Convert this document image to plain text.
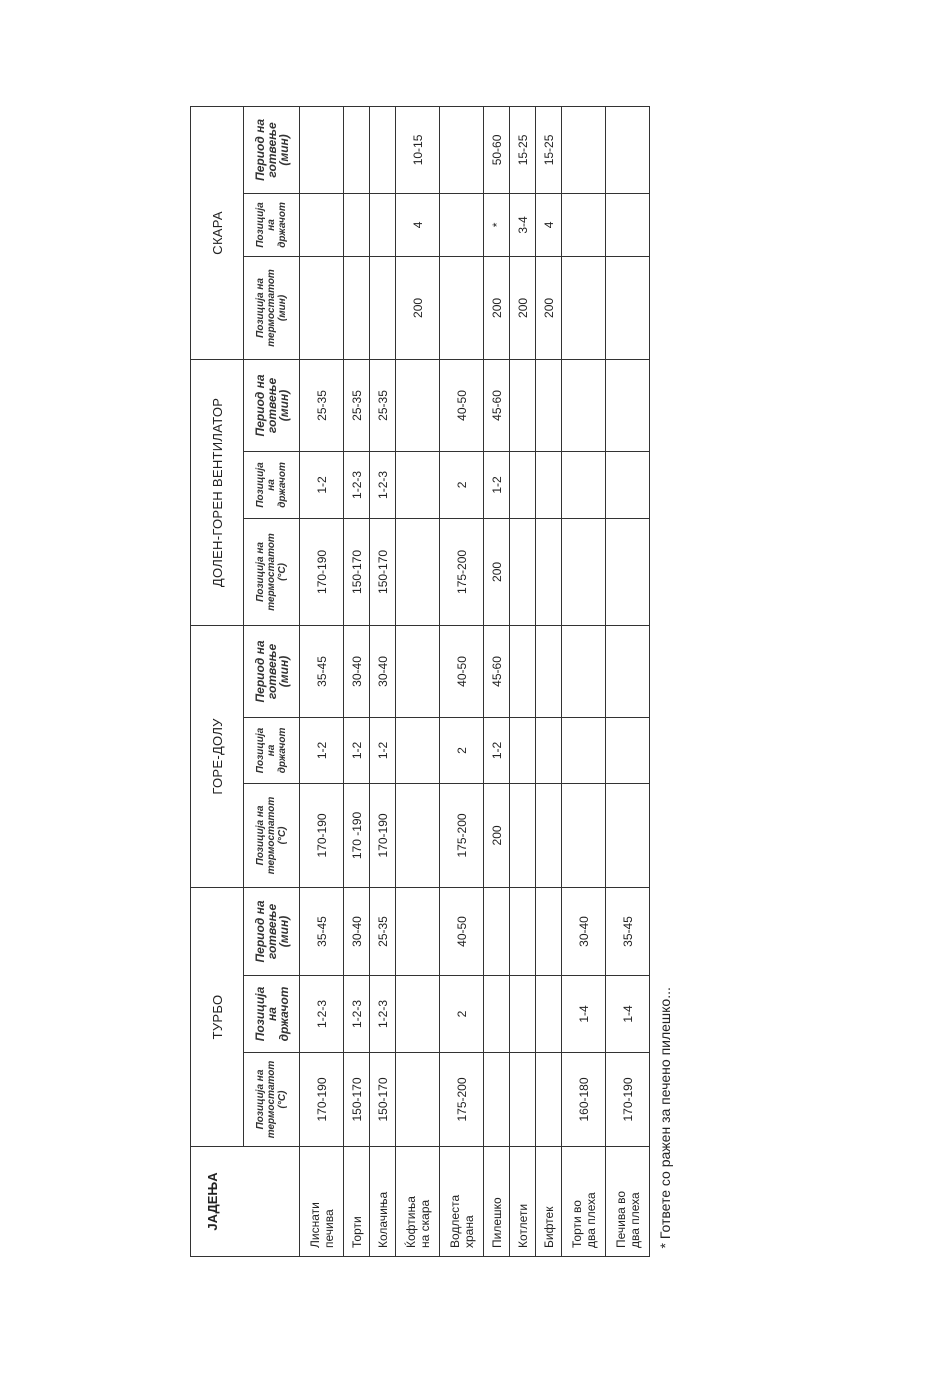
ЈАДЕЊА	ТУРБО			ГОРЕ-ДОЛУ			ДОЛЕН-ГОРЕН ВЕНТИЛАТОР			СКАРА		
	Позиција на
термостатот
(°C)	Позиција
на
држачот	Период на
готвење
(мин)	Позиција на
термостатот
(°C)	Позиција
на
држачот	Период на
готвење
(мин)	Позиција на
термостатот
(°C)	Позиција
на
држачот	Период на
готвење
(мин)	Позиција на
термостатот
(мин)	Позиција
на
држачот	Период на
готвење
(мин)
Лиснати
печива	170-190	1-2-3	35-45	170-190	1-2	35-45	170-190	1-2	25-35			
Торти	150-170	1-2-3	30-40	170 -190	1-2	30-40	150-170	1-2-3	25-35			
Колачиња	150-170	1-2-3	25-35	170-190	1-2	30-40	150-170	1-2-3	25-35			
Ќофтиња
на скара										200	4	10-15
Водлеста
храна	175-200	2	40-50	175-200	2	40-50	175-200	2	40-50			
Пилешко				200	1-2	45-60	200	1-2	45-60	200	*	50-60
Котлети										200	3-4	15-25
Бифтек										200	4	15-25
Торти во
два плеха	160-180	1-4	30-40									
Печива во
два плеха	170-190	1-4	35-45									
* Гответе со ражен за печено пилешко...												
